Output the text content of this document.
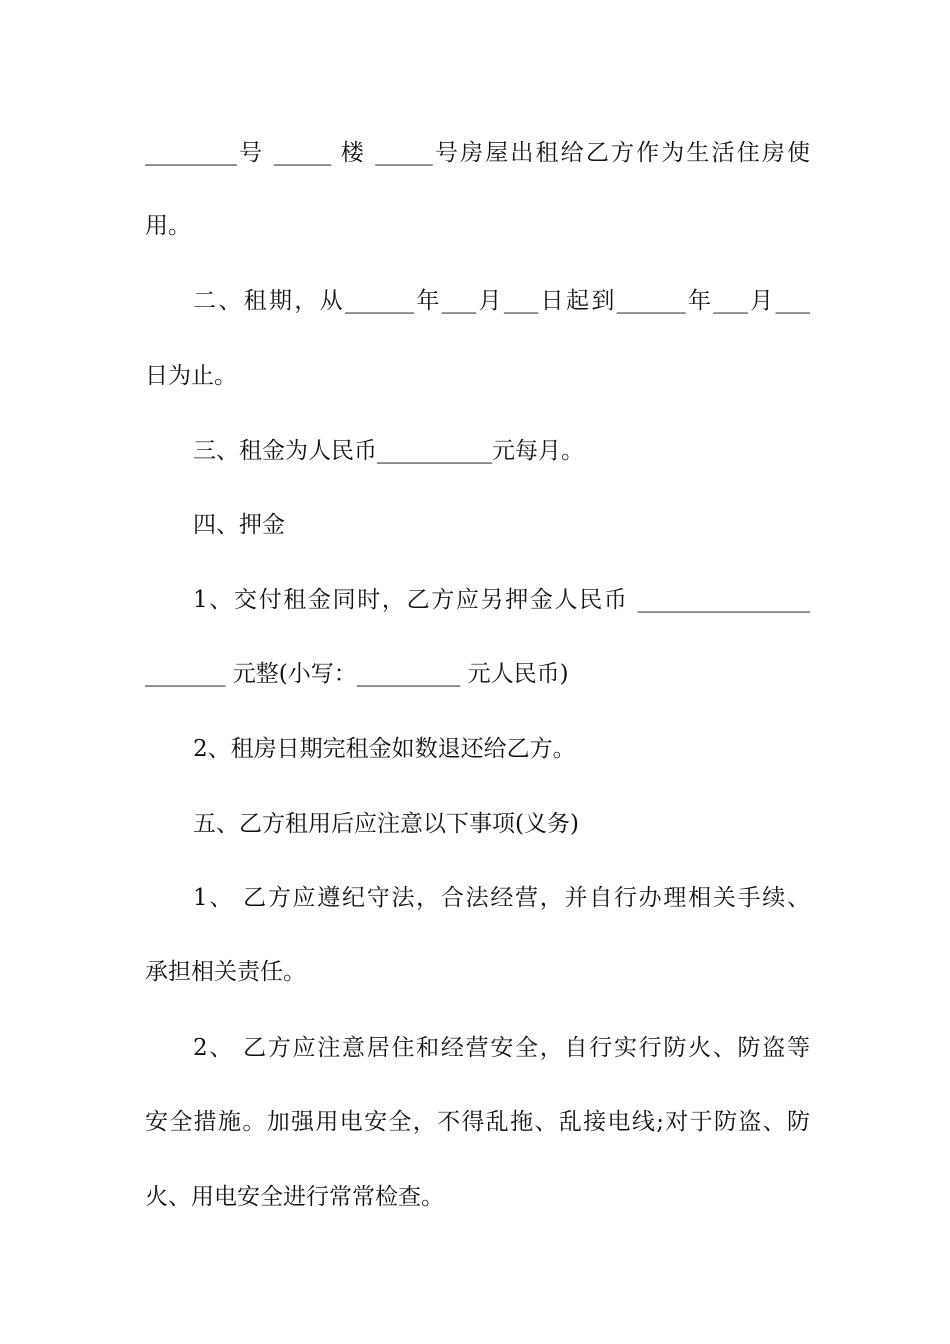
________号 _____ 楼 _____号房屋出租给乙方作为生活住房使
用。
二、租期，从______年___月___日起到______年___月___
日为止。
三、租金为人民币__________元每月。
四、押金
1、交付租金同时，乙方应另押金人民币 _______________
_______ 元整(小写：_________ 元人民币)
2、租房日期完租金如数退还给乙方。
五、乙方租用后应注意以下事项(义务)
1、 乙方应遵纪守法，合法经营，并自行办理相关手续、
承担相关责任。
2、 乙方应注意居住和经营安全，自行实行防火、防盗等
安全措施。加强用电安全，不得乱拖、乱接电线;对于防盗、防
火、用电安全进行常常检查。
